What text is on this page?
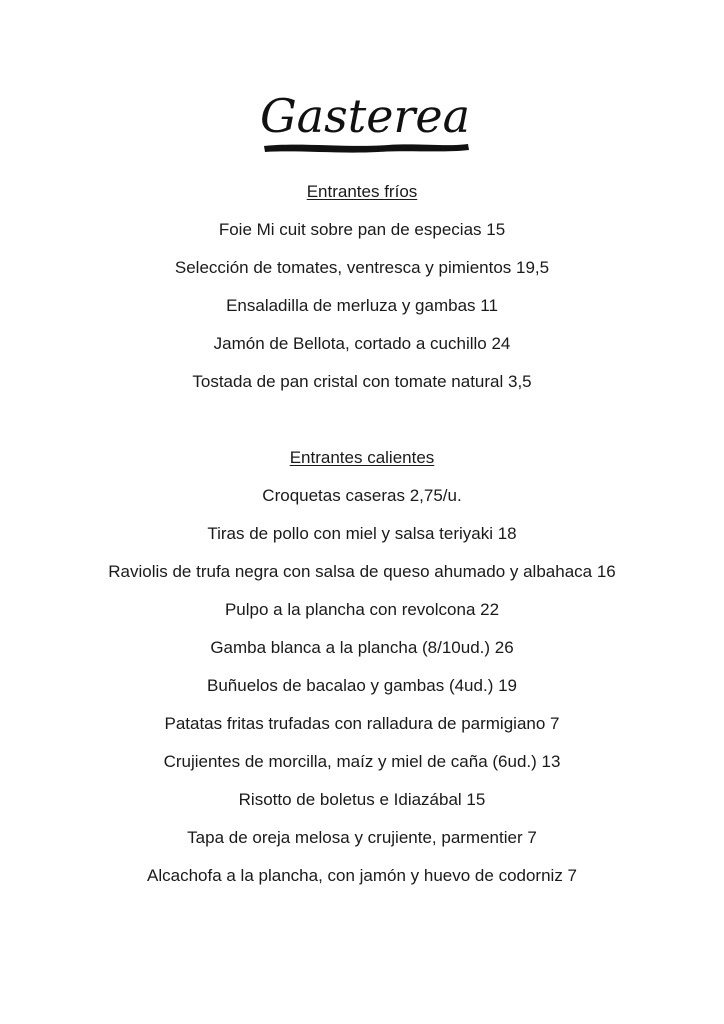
Gasterea
Entrantes fríos
Foie Mi cuit sobre pan de especias 15
Selección de tomates, ventresca y pimientos 19,5
Ensaladilla de merluza y gambas 11
Jamón de Bellota, cortado a cuchillo 24
Tostada de pan cristal con tomate natural 3,5
Entrantes calientes
Croquetas caseras 2,75/u.
Tiras de pollo con miel y salsa teriyaki 18
Raviolis de trufa negra con salsa de queso ahumado y albahaca 16
Pulpo a la plancha con revolcona 22
Gamba blanca a la plancha (8/10ud.) 26
Buñuelos de bacalao y gambas (4ud.) 19
Patatas fritas trufadas con ralladura de parmigiano 7
Crujientes de morcilla, maíz y miel de caña (6ud.) 13
Risotto de boletus e Idiazábal 15
Tapa de oreja melosa y crujiente, parmentier 7
Alcachofa a la plancha, con jamón y huevo de codorniz 7
